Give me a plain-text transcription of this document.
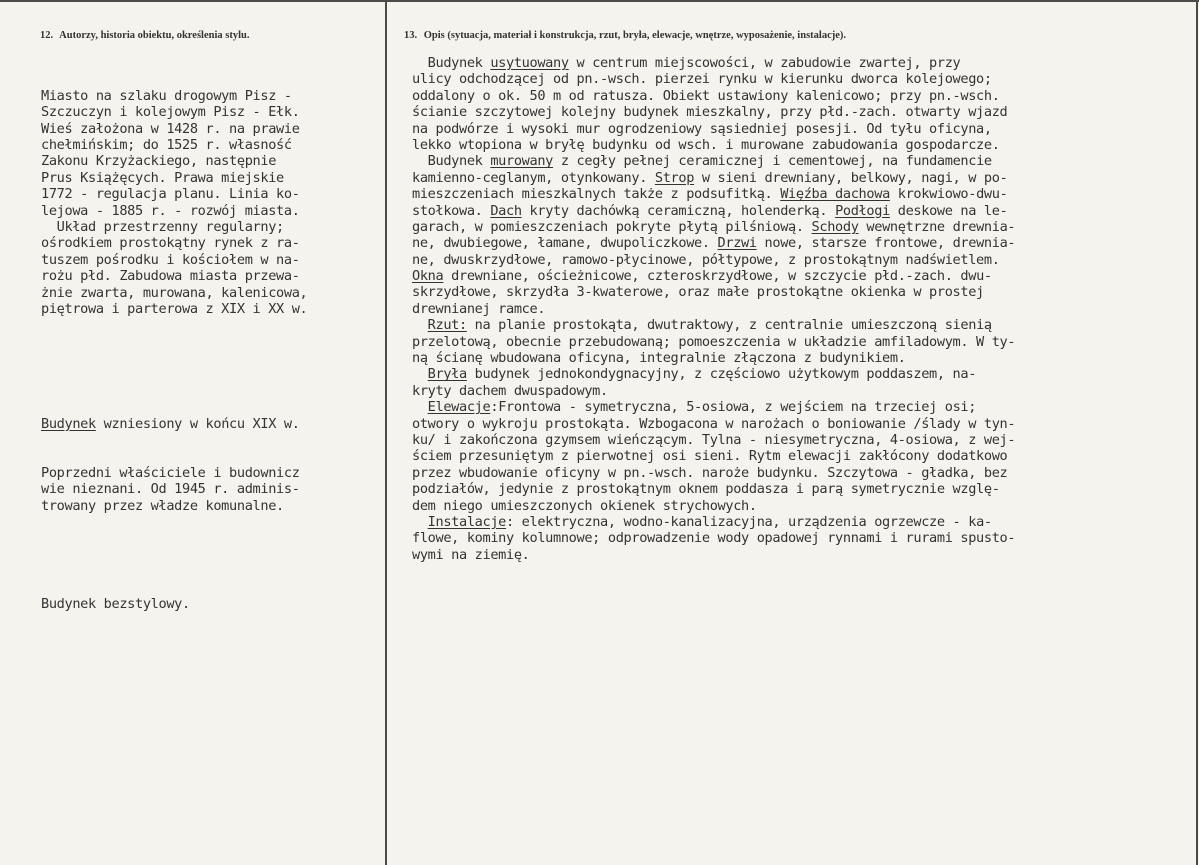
12. Autorzy, historia obiektu, określenia stylu.	13. Opis (sytuacja, materiał i konstrukcja, rzut, bryła, elewacje, wnętrze, wyposażenie, instalacje).

Miasto na szlaku drogowym Pisz -
Szczuczyn i kolejowym Pisz - Ełk.
Wieś założona w 1428 r. na prawie
chełmińskim; do 1525 r. własność
Zakonu Krzyżackiego, następnie
Prus Książęcych. Prawa miejskie
1772 - regulacja planu. Linia ko-
lejowa - 1885 r. - rozwój miasta.
Układ przestrzenny regularny;
ośrodkiem prostokątny rynek z ra-
tuszem pośrodku i kościołem w na-
rożu płd. Zabudowa miasta przewa-
żnie zwarta, murowana, kalenicowa,
piętrowa i parterowa z XIX i XX w.

Budynek wzniesiony w końcu XIX w.

Poprzedni właściciele i budownicz
wie nieznani. Od 1945 r. adminis-
trowany przez władze komunalne.

Budynek bezstylowy.

Budynek usytuowany w centrum miejscowości, w zabudowie zwartej, przy
ulicy odchodzącej od pn.-wsch. pierzei rynku w kierunku dworca kolejowego;
oddalony o ok. 50 m od ratusza. Obiekt ustawiony kalenicowo; przy pn.-wsch.
ścianie szczytowej kolejny budynek mieszkalny, przy płd.-zach. otwarty wjazd
na podwórze i wysoki mur ogrodzeniowy sąsiedniej posesji. Od tyłu oficyna,
lekko wtopiona w bryłę budynku od wsch. i murowane zabudowania gospodarcze.
Budynek murowany z cegły pełnej ceramicznej i cementowej, na fundamencie
kamienno-ceglanym, otynkowany. Strop w sieni drewniany, belkowy, nagi, w po-
mieszczeniach mieszkalnych także z podsufitką. Więźba dachowa krokwiowo-dwu-
stołkowa. Dach kryty dachówką ceramiczną, holenderką. Podłogi deskowe na le-
garach, w pomieszczeniach pokryte płytą pilśniową. Schody wewnętrzne drewnia-
ne, dwubiegowe, łamane, dwupoliczkowe. Drzwi nowe, starsze frontowe, drewnia-
ne, dwuskrzydłowe, ramowo-płycinowe, półtypowe, z prostokątnym nadświetlem.
Okna drewniane, ościeżnicowe, czteroskrzydłowe, w szczycie płd.-zach. dwu-
skrzydłowe, skrzydła 3-kwaterowe, oraz małe prostokątne okienka w prostej
drewnianej ramce.
Rzut: na planie prostokąta, dwutraktowy, z centralnie umieszczoną sienią
przelotową, obecnie przebudowaną; pomoeszczenia w układzie amfiladowym. W ty-
ną ścianę wbudowana oficyna, integralnie złączona z budynikiem.
Bryła budynek jednokondygnacyjny, z częściowo użytkowym poddaszem, na-
kryty dachem dwuspadowym.
Elewacje:Frontowa - symetryczna, 5-osiowa, z wejściem na trzeciej osi;
otwory o wykroju prostokąta. Wzbogacona w narożach o boniowanie /ślady w tyn-
ku/ i zakończona gzymsem wieńczącym. Tylna - niesymetryczna, 4-osiowa, z wej-
ściem przesuniętym z pierwotnej osi sieni. Rytm elewacji zakłócony dodatkowo
przez wbudowanie oficyny w pn.-wsch. naroże budynku. Szczytowa - gładka, bez
podziałów, jedynie z prostokątnym oknem poddasza i parą symetrycznie wzglę-
dem niego umieszczonych okienek strychowych.
Instalacje: elektryczna, wodno-kanalizacyjna, urządzenia ogrzewcze - ka-
flowe, kominy kolumnowe; odprowadzenie wody opadowej rynnami i rurami spusto-
wymi na ziemię.
